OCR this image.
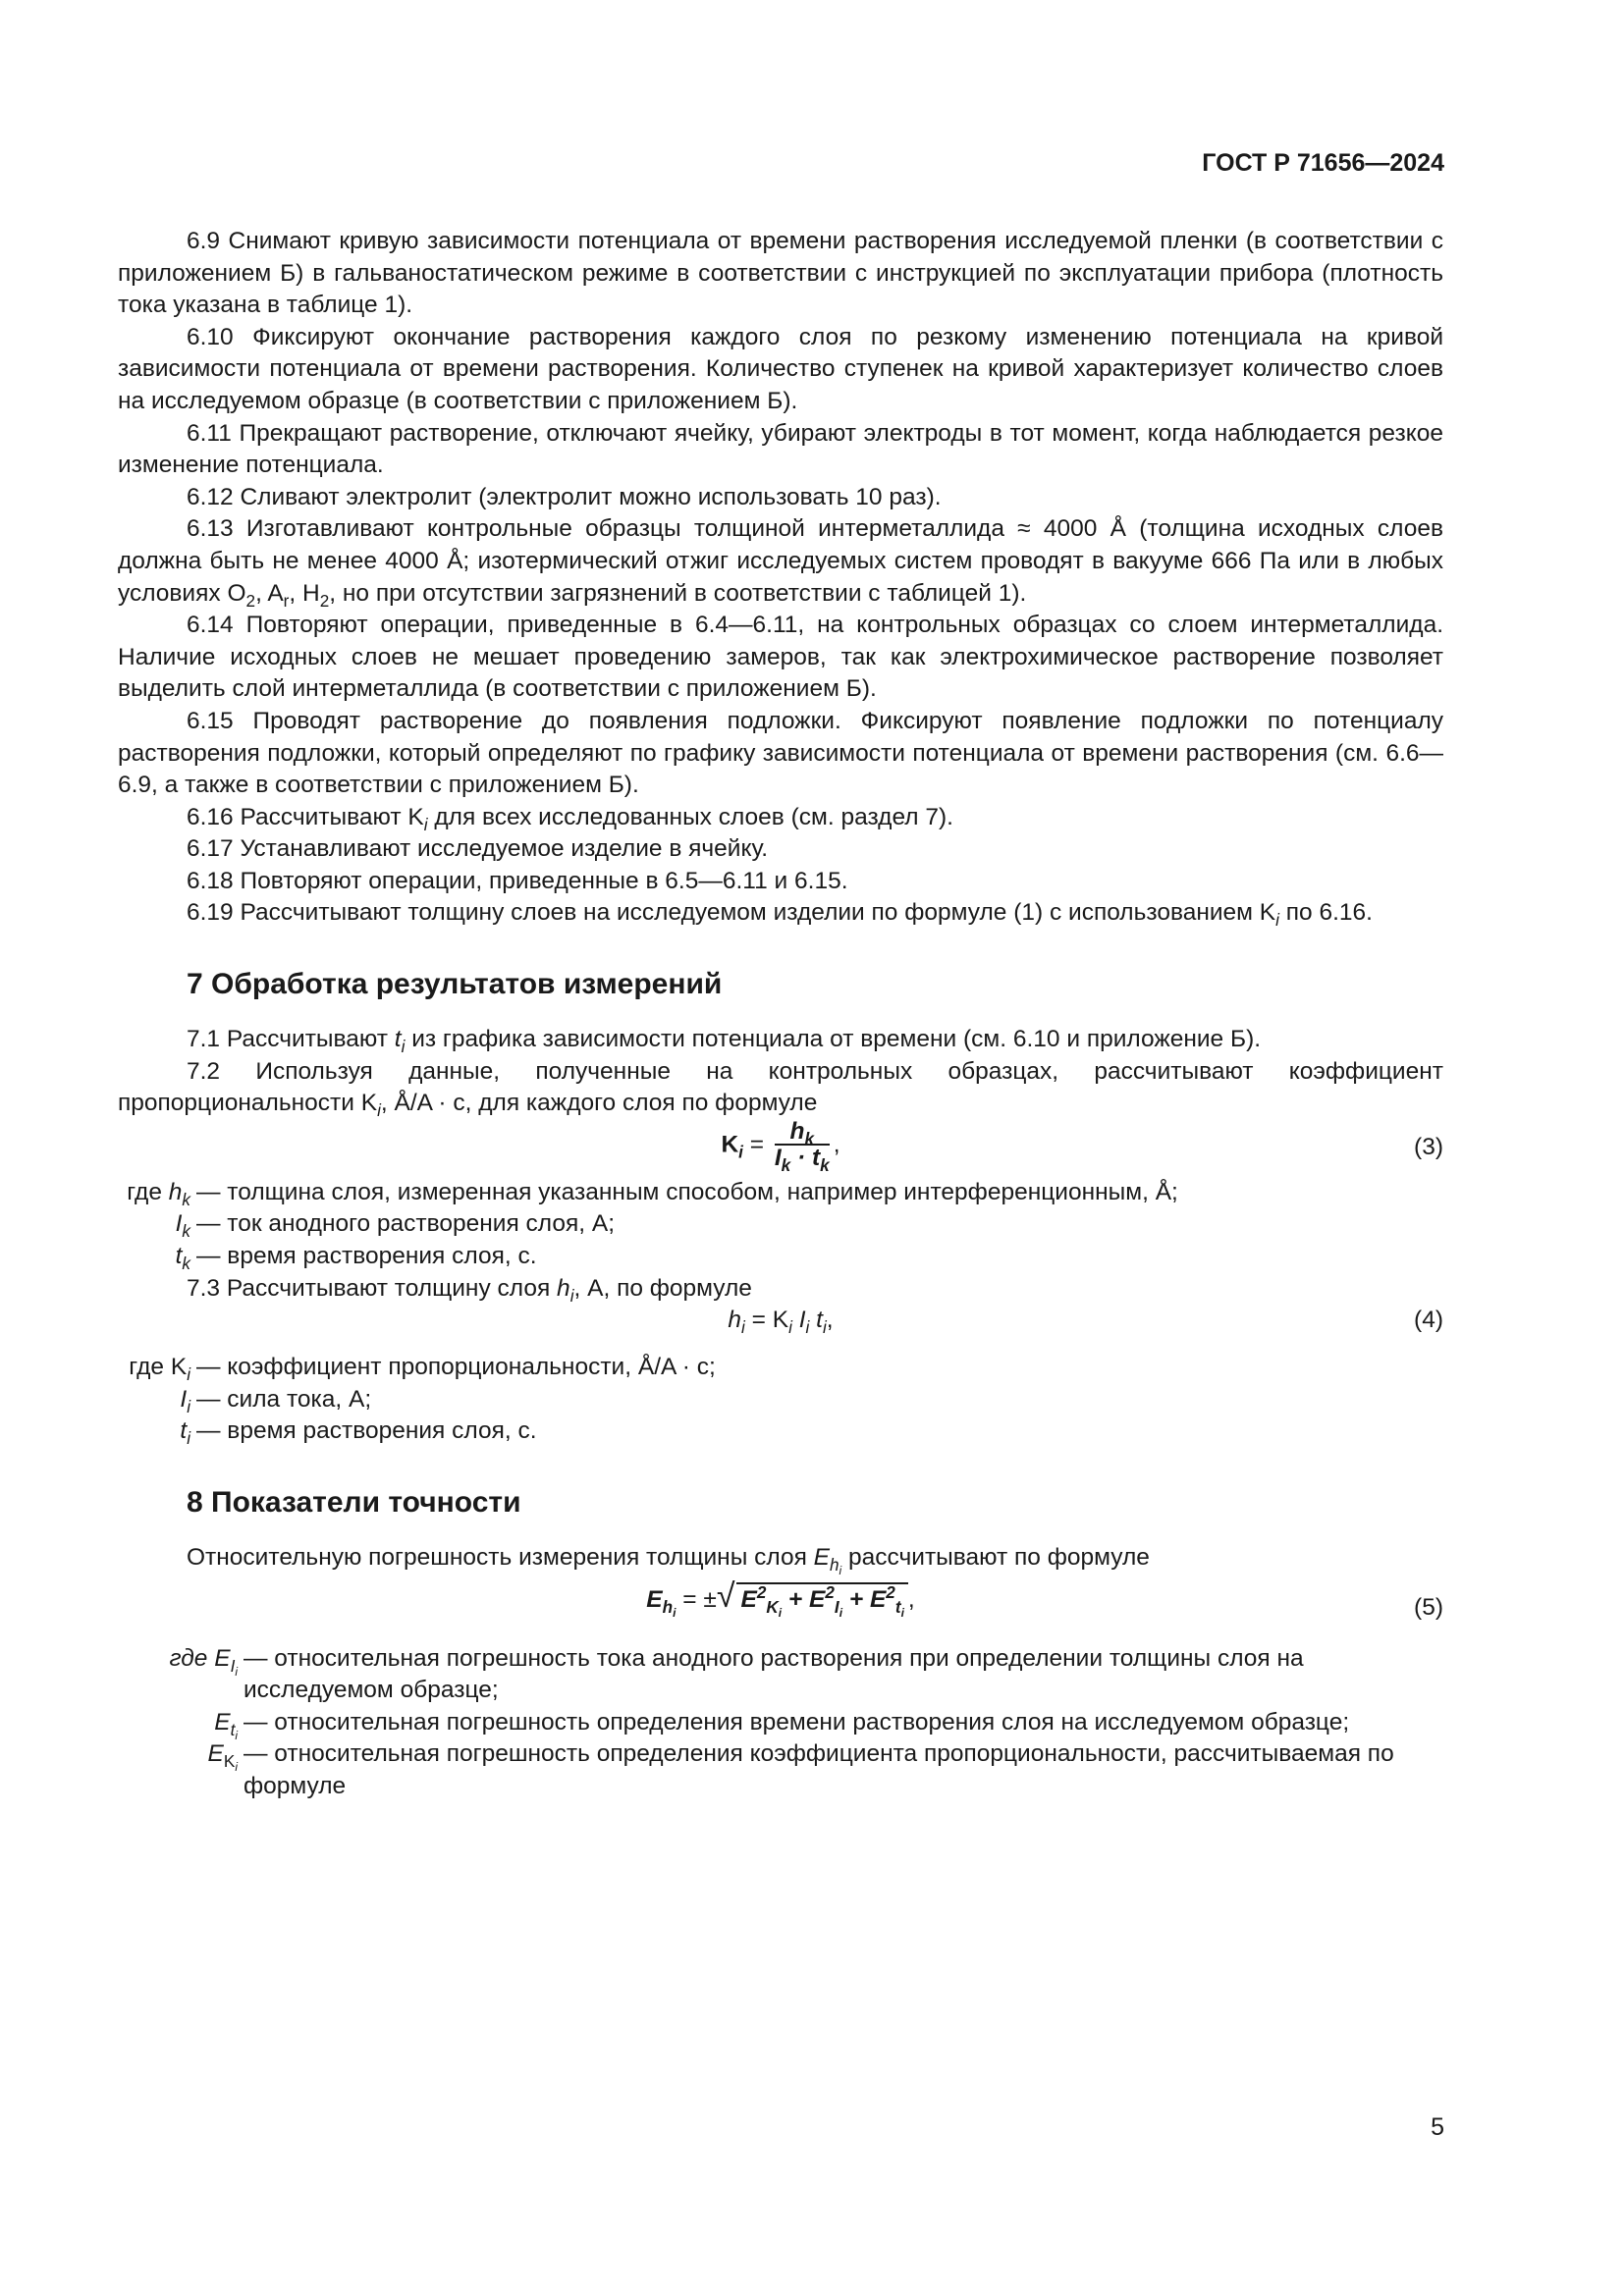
ГОСТ Р 71656—2024

6.9 Снимают кривую зависимости потенциала от времени растворения исследуемой пленки (в соответствии с приложением Б) в гальваностатическом режиме в соответствии с инструкцией по эксплуатации прибора (плотность тока указана в таблице 1).

6.10 Фиксируют окончание растворения каждого слоя по резкому изменению потенциала на кривой зависимости потенциала от времени растворения. Количество ступенек на кривой характеризует количество слоев на исследуемом образце (в соответствии с приложением Б).

6.11 Прекращают растворение, отключают ячейку, убирают электроды в тот момент, когда наблюдается резкое изменение потенциала.

6.12 Сливают электролит (электролит можно использовать 10 раз).

6.13 Изготавливают контрольные образцы толщиной интерметаллида ≈ 4000 Å (толщина исходных слоев должна быть не менее 4000 Å; изотермический отжиг исследуемых систем проводят в вакууме 666 Па или в любых условиях $O_2$, $A_r$, $H_2$, но при отсутствии загрязнений в соответствии с таблицей 1).

6.14 Повторяют операции, приведенные в 6.4—6.11, на контрольных образцах со слоем интерметаллида. Наличие исходных слоев не мешает проведению замеров, так как электрохимическое растворение позволяет выделить слой интерметаллида (в соответствии с приложением Б).

6.15 Проводят растворение до появления подложки. Фиксируют появление подложки по потенциалу растворения подложки, который определяют по графику зависимости потенциала от времени растворения (см. 6.6—6.9, а также в соответствии с приложением Б).

6.16 Рассчитывают $K_i$ для всех исследованных слоев (см. раздел 7).

6.17 Устанавливают исследуемое изделие в ячейку.

6.18 Повторяют операции, приведенные в 6.5—6.11 и 6.15.

6.19 Рассчитывают толщину слоев на исследуемом изделии по формуле (1) с использованием $K_i$ по 6.16.

7 Обработка результатов измерений

7.1 Рассчитывают $t_i$ из графика зависимости потенциала от времени (см. 6.10 и приложение Б).

7.2 Используя данные, полученные на контрольных образцах, рассчитывают коэффициент пропорциональности $K_i$, Å/A · с, для каждого слоя по формуле

$K_i = \frac{h_k}{I_k \cdot t_k}$ ,	(3)
где $h_k$ — толщина слоя, измеренная указанным способом, например интерференционным, Å;
$I_k$ — ток анодного растворения слоя, А;
$t_k$ — время растворения слоя, с.

7.3 Рассчитывают толщину слоя $h_i$, А, по формуле

$h_i = K_i$ $I_i$ $t_i$,	(4)
где $K_i$ — коэффициент пропорциональности, Å/A · с;
$I_i$ — сила тока, А;
$t_i$ — время растворения слоя, с.
8 Показатели точности

Относительную погрешность измерения толщины слоя $E_{h_i}$ рассчитывают по формуле

$E_{h_i}$ = ±√ $E^2_{K_i} + E^2_{I_i} + E^2_{t_i}$,	(5)
где $E_{I_i}$
— относительная погрешность тока анодного растворения при определении толщины слоя на исследуемом образце;
$E_{t_i}$
— относительная погрешность определения времени растворения слоя на исследуемом образце;
$E_{K_i}$
— относительная погрешность определения коэффициента пропорциональности, рассчитываемая по формуле
5
